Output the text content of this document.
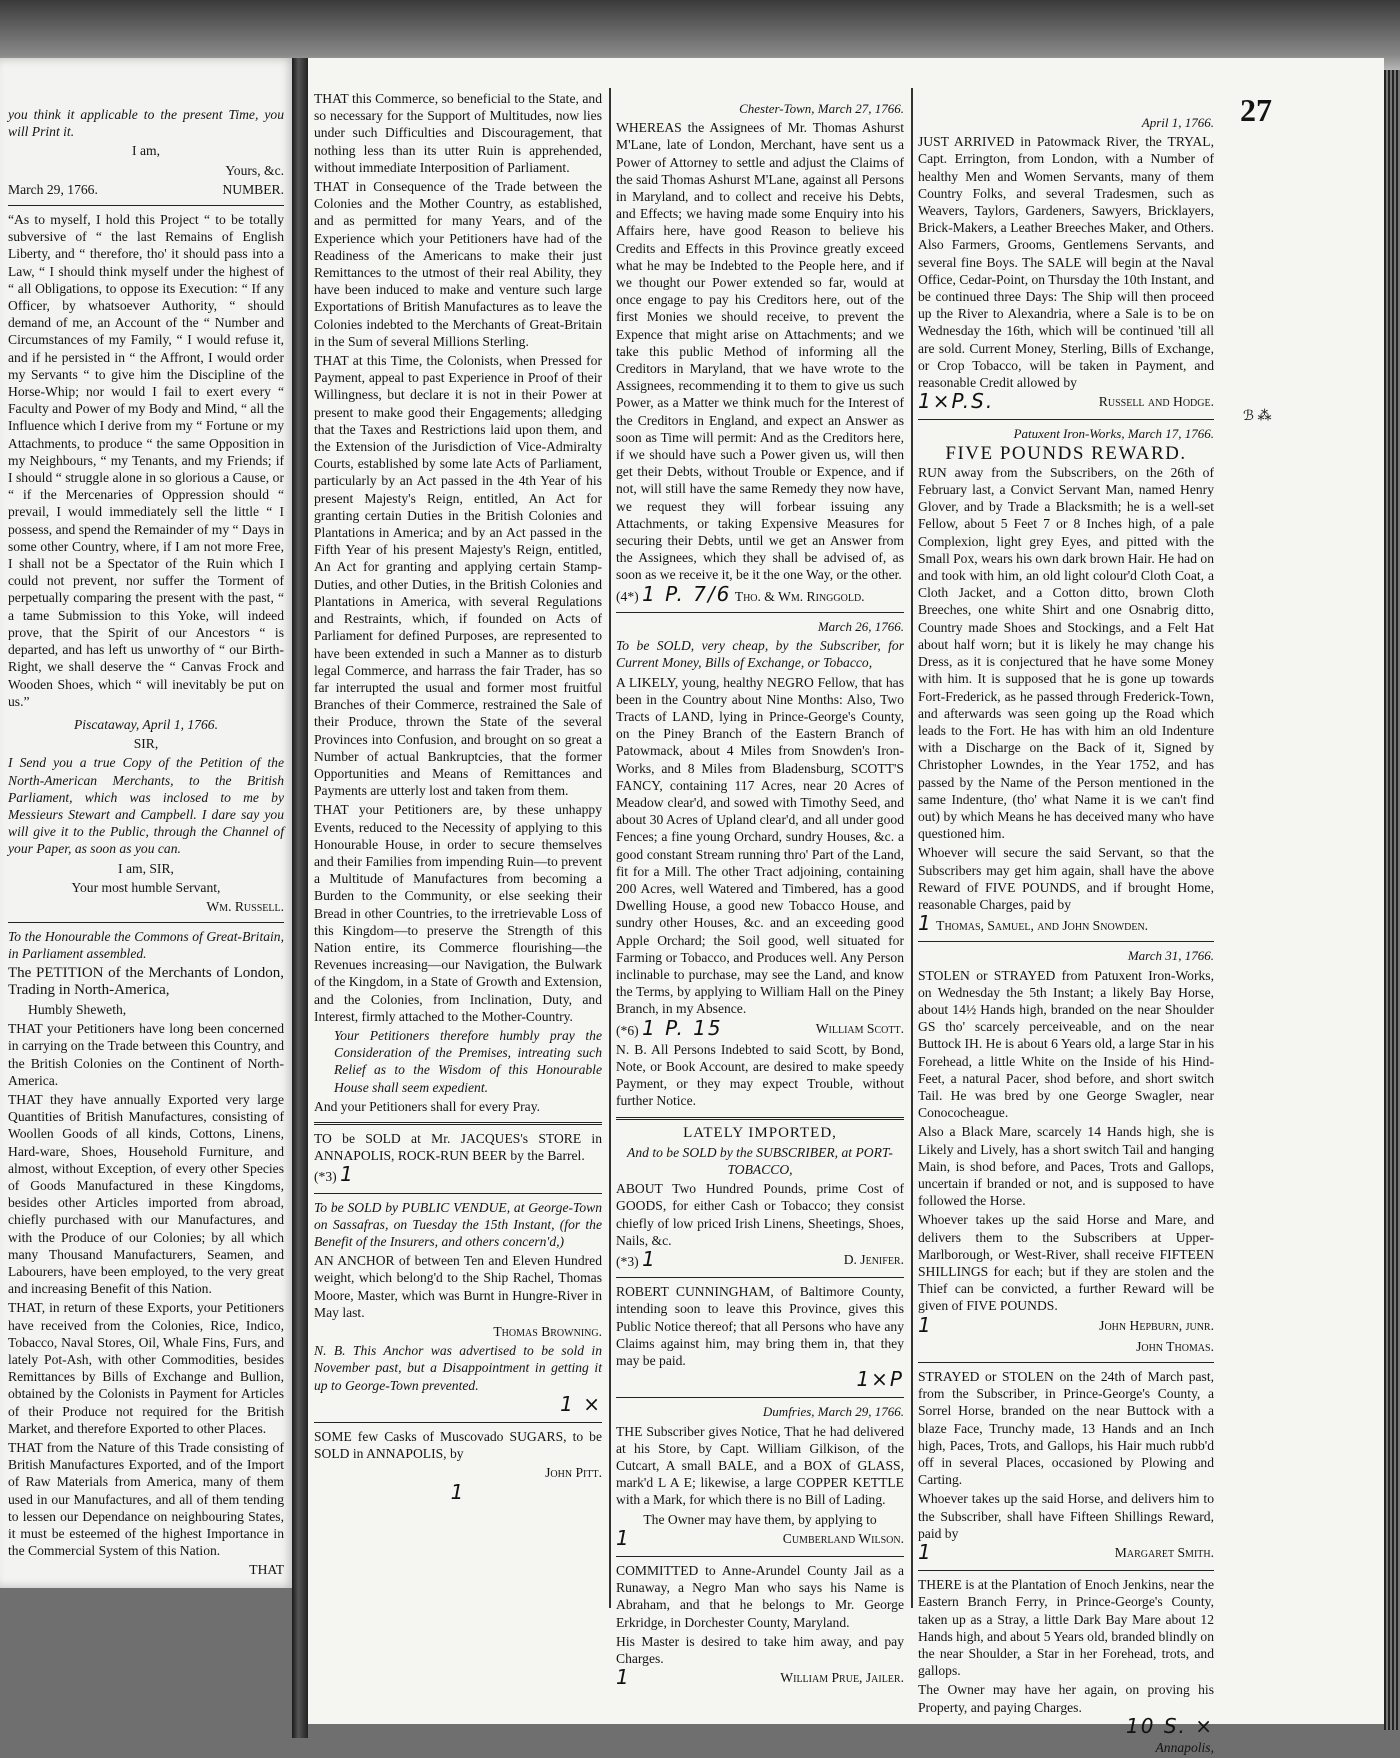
27
ℬ ⁂

you think it applicable to the present Time, you will Print it.

I am,

Yours, &c.

March 29, 1766.	NUMBER.

“As to myself, I hold this Project “ to be totally subversive of “ the last Remains of English Liberty, and “ therefore, tho' it should pass into a Law, “ I should think myself under the highest of “ all Obligations, to oppose its Execution: “ If any Officer, by whatsoever Authority, “ should demand of me, an Account of the “ Number and Circumstances of my Family, “ I would refuse it, and if he persisted in “ the Affront, I would order my Servants “ to give him the Discipline of the Horse-Whip; nor would I fail to exert every “ Faculty and Power of my Body and Mind, “ all the Influence which I derive from my “ Fortune or my Attachments, to produce “ the same Opposition in my Neighbours, “ my Tenants, and my Friends; if I should “ struggle alone in so glorious a Cause, or “ if the Mercenaries of Oppression should “ prevail, I would immediately sell the little “ I possess, and spend the Remainder of my “ Days in some other Country, where, if I am not more Free, I shall not be a Spectator of the Ruin which I could not prevent, nor suffer the Torment of perpetually comparing the present with the past, “ a tame Submission to this Yoke, will indeed prove, that the Spirit of our Ancestors “ is departed, and has left us unworthy of “ our Birth-Right, we shall deserve the “ Canvas Frock and Wooden Shoes, which “ will inevitably be put on us.”

Piscataway, April 1, 1766.

SIR,

I Send you a true Copy of the Petition of the North-American Merchants, to the British Parliament, which was inclosed to me by Messieurs Stewart and Campbell. I dare say you will give it to the Public, through the Channel of your Paper, as soon as you can.

I am, SIR,

Your most humble Servant,

Wm. Russell.

To the Honourable the Commons of Great-Britain, in Parliament assembled.

The PETITION of the Merchants of London, Trading in North-America,

Humbly Sheweth,

THAT your Petitioners have long been concerned in carrying on the Trade between this Country, and the British Colonies on the Continent of North-America.

THAT they have annually Exported very large Quantities of British Manufactures, consisting of Woollen Goods of all kinds, Cottons, Linens, Hard-ware, Shoes, Household Furniture, and almost, without Exception, of every other Species of Goods Manufactured in these Kingdoms, besides other Articles imported from abroad, chiefly purchased with our Manufactures, and with the Produce of our Colonies; by all which many Thousand Manufacturers, Seamen, and Labourers, have been employed, to the very great and increasing Benefit of this Nation.

THAT, in return of these Exports, your Petitioners have received from the Colonies, Rice, Indico, Tobacco, Naval Stores, Oil, Whale Fins, Furs, and lately Pot-Ash, with other Commodities, besides Remittances by Bills of Exchange and Bullion, obtained by the Colonists in Payment for Articles of their Produce not required for the British Market, and therefore Exported to other Places.

THAT from the Nature of this Trade consisting of British Manufactures Exported, and of the Import of Raw Materials from America, many of them used in our Manufactures, and all of them tending to lessen our Dependance on neighbouring States, it must be esteemed of the highest Importance in the Commercial System of this Nation.

THAT

THAT this Commerce, so beneficial to the State, and so necessary for the Support of Multitudes, now lies under such Difficulties and Discouragement, that nothing less than its utter Ruin is apprehended, without immediate Interposition of Parliament.

THAT in Consequence of the Trade between the Colonies and the Mother Country, as established, and as permitted for many Years, and of the Experience which your Petitioners have had of the Readiness of the Americans to make their just Remittances to the utmost of their real Ability, they have been induced to make and venture such large Exportations of British Manufactures as to leave the Colonies indebted to the Merchants of Great-Britain in the Sum of several Millions Sterling.

THAT at this Time, the Colonists, when Pressed for Payment, appeal to past Experience in Proof of their Willingness, but declare it is not in their Power at present to make good their Engagements; alledging that the Taxes and Restrictions laid upon them, and the Extension of the Jurisdiction of Vice-Admiralty Courts, established by some late Acts of Parliament, particularly by an Act passed in the 4th Year of his present Majesty's Reign, entitled, An Act for granting certain Duties in the British Colonies and Plantations in America; and by an Act passed in the Fifth Year of his present Majesty's Reign, entitled, An Act for granting and applying certain Stamp-Duties, and other Duties, in the British Colonies and Plantations in America, with several Regulations and Restraints, which, if founded on Acts of Parliament for defined Purposes, are represented to have been extended in such a Manner as to disturb legal Commerce, and harrass the fair Trader, has so far interrupted the usual and former most fruitful Branches of their Commerce, restrained the Sale of their Produce, thrown the State of the several Provinces into Confusion, and brought on so great a Number of actual Bankruptcies, that the former Opportunities and Means of Remittances and Payments are utterly lost and taken from them.

THAT your Petitioners are, by these unhappy Events, reduced to the Necessity of applying to this Honourable House, in order to secure themselves and their Families from impending Ruin—to prevent a Multitude of Manufactures from becoming a Burden to the Community, or else seeking their Bread in other Countries, to the irretrievable Loss of this Kingdom—to preserve the Strength of this Nation entire, its Commerce flourishing—the Revenues increasing—our Navigation, the Bulwark of the Kingdom, in a State of Growth and Extension, and the Colonies, from Inclination, Duty, and Interest, firmly attached to the Mother-Country.

Your Petitioners therefore humbly pray the Consideration of the Premises, intreating such Relief as to the Wisdom of this Honourable House shall seem expedient.

And your Petitioners shall for every Pray.

TO be SOLD at Mr. JACQUES's STORE in ANNAPOLIS, ROCK-RUN BEER by the Barrel.

(*3) 1

To be SOLD by PUBLIC VENDUE, at George-Town on Sassafras, on Tuesday the 15th Instant, (for the Benefit of the Insurers, and others concern'd,)

AN ANCHOR of between Ten and Eleven Hundred weight, which belong'd to the Ship Rachel, Thomas Moore, Master, which was Burnt in Hungre-River in May last.

Thomas Browning.

N. B. This Anchor was advertised to be sold in November past, but a Disappointment in getting it up to George-Town prevented.

1 ×

SOME few Casks of Muscovado SUGARS, to be SOLD in ANNAPOLIS, by

John Pitt.

1

Chester-Town, March 27, 1766.

WHEREAS the Assignees of Mr. Thomas Ashurst M'Lane, late of London, Merchant, have sent us a Power of Attorney to settle and adjust the Claims of the said Thomas Ashurst M'Lane, against all Persons in Maryland, and to collect and receive his Debts, and Effects; we having made some Enquiry into his Affairs here, have good Reason to believe his Credits and Effects in this Province greatly exceed what he may be Indebted to the People here, and if we thought our Power extended so far, would at once engage to pay his Creditors here, out of the first Monies we should receive, to prevent the Expence that might arise on Attachments; and we take this public Method of informing all the Creditors in Maryland, that we have wrote to the Assignees, recommending it to them to give us such Power, as a Matter we think much for the Interest of the Creditors in England, and expect an Answer as soon as Time will permit: And as the Creditors here, if we should have such a Power given us, will then get their Debts, without Trouble or Expence, and if not, will still have the same Remedy they now have, we request they will forbear issuing any Attachments, or taking Expensive Measures for securing their Debts, until we get an Answer from the Assignees, which they shall be advised of, as soon as we receive it, be it the one Way, or the other.

(4*) 1 P. 7/6 Tho. & Wm. Ringgold.

March 26, 1766.

To be SOLD, very cheap, by the Subscriber, for Current Money, Bills of Exchange, or Tobacco,

A LIKELY, young, healthy NEGRO Fellow, that has been in the Country about Nine Months: Also, Two Tracts of LAND, lying in Prince-George's County, on the Piney Branch of the Eastern Branch of Patowmack, about 4 Miles from Snowden's Iron-Works, and 8 Miles from Bladensburg, SCOTT'S FANCY, containing 117 Acres, near 20 Acres of Meadow clear'd, and sowed with Timothy Seed, and about 30 Acres of Upland clear'd, and all under good Fences; a fine young Orchard, sundry Houses, &c. a good constant Stream running thro' Part of the Land, fit for a Mill. The other Tract adjoining, containing 200 Acres, well Watered and Timbered, has a good Dwelling House, a good new Tobacco House, and sundry other Houses, &c. and an exceeding good Apple Orchard; the Soil good, well situated for Farming or Tobacco, and Produces well. Any Person inclinable to purchase, may see the Land, and know the Terms, by applying to William Hall on the Piney Branch, in my Absence.

(*6) 1 P. 15	William Scott.

N. B. All Persons Indebted to said Scott, by Bond, Note, or Book Account, are desired to make speedy Payment, or they may expect Trouble, without further Notice.

LATELY IMPORTED,

And to be SOLD by the SUBSCRIBER, at PORT-TOBACCO,

ABOUT Two Hundred Pounds, prime Cost of GOODS, for either Cash or Tobacco; they consist chiefly of low priced Irish Linens, Sheetings, Shoes, Nails, &c.

(*3) 1	D. Jenifer.

ROBERT CUNNINGHAM, of Baltimore County, intending soon to leave this Province, gives this Public Notice thereof; that all Persons who have any Claims against him, may bring them in, that they may be paid.

1×P

Dumfries, March 29, 1766.

THE Subscriber gives Notice, That he had delivered at his Store, by Capt. William Gilkison, of the Cutcart, A small BALE, and a BOX of GLASS, mark'd L A E; likewise, a large COPPER KETTLE with a Mark, for which there is no Bill of Lading.

The Owner may have them, by applying to

1	Cumberland Wilson.

COMMITTED to Anne-Arundel County Jail as a Runaway, a Negro Man who says his Name is Abraham, and that he belongs to Mr. George Erkridge, in Dorchester County, Maryland.

His Master is desired to take him away, and pay Charges.

1	William Prue, Jailer.

April 1, 1766.

JUST ARRIVED in Patowmack River, the TRYAL, Capt. Errington, from London, with a Number of healthy Men and Women Servants, many of them Country Folks, and several Tradesmen, such as Weavers, Taylors, Gardeners, Sawyers, Bricklayers, Brick-Makers, a Leather Breeches Maker, and Others. Also Farmers, Grooms, Gentlemens Servants, and several fine Boys. The SALE will begin at the Naval Office, Cedar-Point, on Thursday the 10th Instant, and be continued three Days: The Ship will then proceed up the River to Alexandria, where a Sale is to be on Wednesday the 16th, which will be continued 'till all are sold. Current Money, Sterling, Bills of Exchange, or Crop Tobacco, will be taken in Payment, and reasonable Credit allowed by

1×P.S.	Russell and Hodge.

Patuxent Iron-Works, March 17, 1766.

FIVE POUNDS REWARD.

RUN away from the Subscribers, on the 26th of February last, a Convict Servant Man, named Henry Glover, and by Trade a Blacksmith; he is a well-set Fellow, about 5 Feet 7 or 8 Inches high, of a pale Complexion, light grey Eyes, and pitted with the Small Pox, wears his own dark brown Hair. He had on and took with him, an old light colour'd Cloth Coat, a Cloth Jacket, and a Cotton ditto, brown Cloth Breeches, one white Shirt and one Osnabrig ditto, Country made Shoes and Stockings, and a Felt Hat about half worn; but it is likely he may change his Dress, as it is conjectured that he have some Money with him. It is supposed that he is gone up towards Fort-Frederick, as he passed through Frederick-Town, and afterwards was seen going up the Road which leads to the Fort. He has with him an old Indenture with a Discharge on the Back of it, Signed by Christopher Lowndes, in the Year 1752, and has passed by the Name of the Person mentioned in the same Indenture, (tho' what Name it is we can't find out) by which Means he has deceived many who have questioned him.

Whoever will secure the said Servant, so that the Subscribers may get him again, shall have the above Reward of FIVE POUNDS, and if brought Home, reasonable Charges, paid by

1 Thomas, Samuel, and John Snowden.

March 31, 1766.

STOLEN or STRAYED from Patuxent Iron-Works, on Wednesday the 5th Instant; a likely Bay Horse, about 14½ Hands high, branded on the near Shoulder GS tho' scarcely perceiveable, and on the near Buttock IH. He is about 6 Years old, a large Star in his Forehead, a little White on the Inside of his Hind-Feet, a natural Pacer, shod before, and short switch Tail. He was bred by one George Swagler, near Conococheague.

Also a Black Mare, scarcely 14 Hands high, she is Likely and Lively, has a short switch Tail and hanging Main, is shod before, and Paces, Trots and Gallops, uncertain if branded or not, and is supposed to have followed the Horse.

Whoever takes up the said Horse and Mare, and delivers them to the Subscribers at Upper-Marlborough, or West-River, shall receive FIFTEEN SHILLINGS for each; but if they are stolen and the Thief can be convicted, a further Reward will be given of FIVE POUNDS.

1	John Hepburn, junr.

John Thomas.

STRAYED or STOLEN on the 24th of March past, from the Subscriber, in Prince-George's County, a Sorrel Horse, branded on the near Buttock with a blaze Face, Trunchy made, 13 Hands and an Inch high, Paces, Trots, and Gallops, his Hair much rubb'd off in several Places, occasioned by Plowing and Carting.

Whoever takes up the said Horse, and delivers him to the Subscriber, shall have Fifteen Shillings Reward, paid by

1	Margaret Smith.

THERE is at the Plantation of Enoch Jenkins, near the Eastern Branch Ferry, in Prince-George's County, taken up as a Stray, a little Dark Bay Mare about 12 Hands high, and about 5 Years old, branded blindly on the near Shoulder, a Star in her Forehead, trots, and gallops.

The Owner may have her again, on proving his Property, and paying Charges.

10 S. ×

Annapolis,
